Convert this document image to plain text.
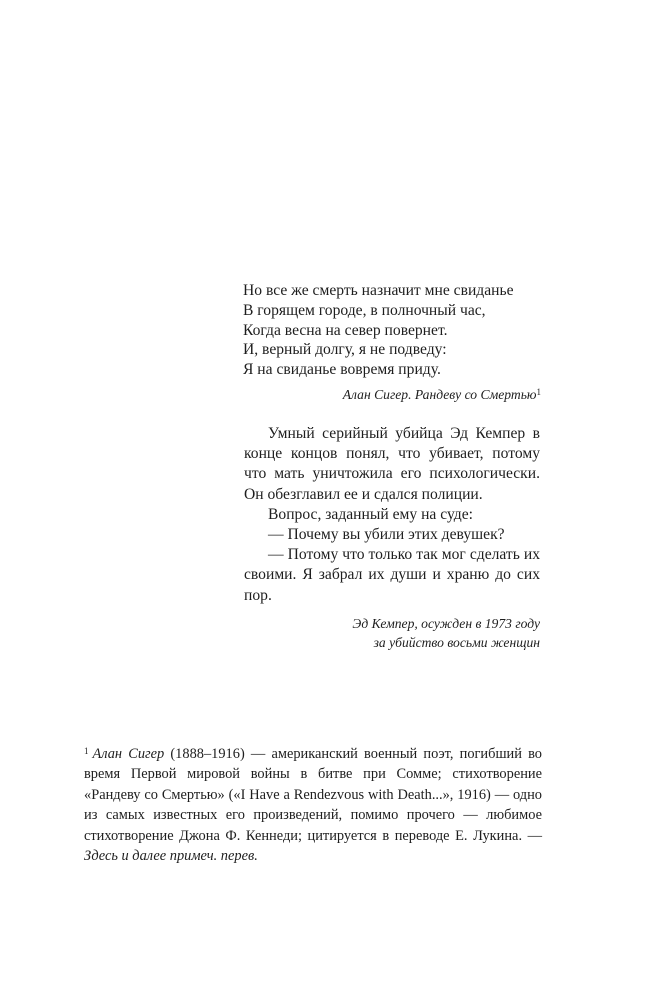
Но все же смерть назначит мне свиданье
В горящем городе, в полночный час,
Когда весна на север повернет.
И, верный долгу, я не подведу:
Я на свиданье вовремя приду.
Алан Сигер. Рандеву со Смертью$^1$

Умный серийный убийца Эд Кемпер в конце концов понял, что убивает, потому что мать уничтожила его психологически. Он обезглавил ее и сдался полиции.

Вопрос, заданный ему на суде:

— Почему вы убили этих девушек?

— Потому что только так мог сделать их своими. Я забрал их души и храню до сих пор.

Эд Кемпер, осужден в 1973 году
за убийство восьми женщин
$^1$ Алан Сигер (1888–1916) — американский военный поэт, погибший во время Первой мировой войны в битве при Сомме; стихотворение «Рандеву со Смертью» («I Have a Rendezvous with Death...», 1916) — одно из самых известных его произведений, помимо прочего — любимое стихотворение Джона Ф. Кеннеди; цитируется в переводе Е. Лукина. — Здесь и далее примеч. перев.
